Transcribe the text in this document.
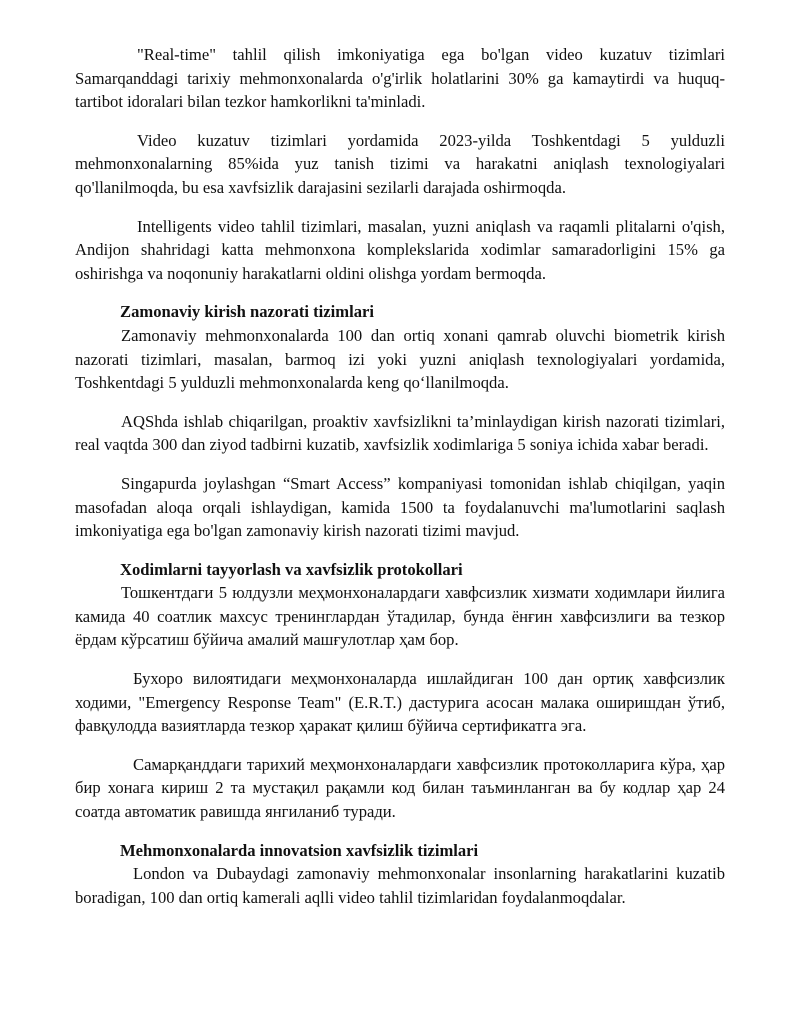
"Real-time" tahlil qilish imkoniyatiga ega bo'lgan video kuzatuv tizimlari Samarqanddagi tarixiy mehmonxonalarda o'g'irlik holatlarini 30% ga kamaytirdi va huquq-tartibot idoralari bilan tezkor hamkorlikni ta'minladi.

Video kuzatuv tizimlari yordamida 2023-yilda Toshkentdagi 5 yulduzli mehmonxonalarning 85%ida yuz tanish tizimi va harakatni aniqlash texnologiyalari qo'llanilmoqda, bu esa xavfsizlik darajasini sezilarli darajada oshirmoqda.

Intelligents video tahlil tizimlari, masalan, yuzni aniqlash va raqamli plitalarni o'qish, Andijon shahridagi katta mehmonxona komplekslarida xodimlar samaradorligini 15% ga oshirishga va noqonuniy harakatlarni oldini olishga yordam bermoqda.

Zamonaviy kirish nazorati tizimlari

Zamonaviy mehmonxonalarda 100 dan ortiq xonani qamrab oluvchi biometrik kirish nazorati tizimlari, masalan, barmoq izi yoki yuzni aniqlash texnologiyalari yordamida, Toshkentdagi 5 yulduzli mehmonxonalarda keng qo‘llanilmoqda.

AQShda ishlab chiqarilgan, proaktiv xavfsizlikni ta’minlaydigan kirish nazorati tizimlari, real vaqtda 300 dan ziyod tadbirni kuzatib, xavfsizlik xodimlariga 5 soniya ichida xabar beradi.

Singapurda joylashgan “Smart Access” kompaniyasi tomonidan ishlab chiqilgan, yaqin masofadan aloqa orqali ishlaydigan, kamida 1500 ta foydalanuvchi ma'lumotlarini saqlash imkoniyatiga ega bo'lgan zamonaviy kirish nazorati tizimi mavjud.

Xodimlarni tayyorlash va xavfsizlik protokollari

Тошкентдаги 5 юлдузли меҳмонхоналардаги хавфсизлик хизмати ходимлари йилига камида 40 соатлик махсус тренинглардан ўтадилар, бунда ёнғин хавфсизлиги ва тезкор ёрдам кўрсатиш бўйича амалий машғулотлар ҳам бор.

Бухоро вилоятидаги меҳмонхоналарда ишлайдиган 100 дан ортиқ хавфсизлик ходими, "Emergency Response Team" (E.R.T.) дастурига асосан малака оширишдан ўтиб, фавқулодда вазиятларда тезкор ҳаракат қилиш бўйича сертификатга эга.

Самарқанддаги тарихий меҳмонхоналардаги хавфсизлик протоколларига кўра, ҳар бир хонага кириш 2 та мустақил рақамли код билан таъминланган ва бу кодлар ҳар 24 соатда автоматик равишда янгиланиб туради.

Mehmonxonalarda innovatsion xavfsizlik tizimlari

London va Dubaydagi zamonaviy mehmonxonalar insonlarning harakatlarini kuzatib boradigan, 100 dan ortiq kamerali aqlli video tahlil tizimlaridan foydalanmoqdalar.
